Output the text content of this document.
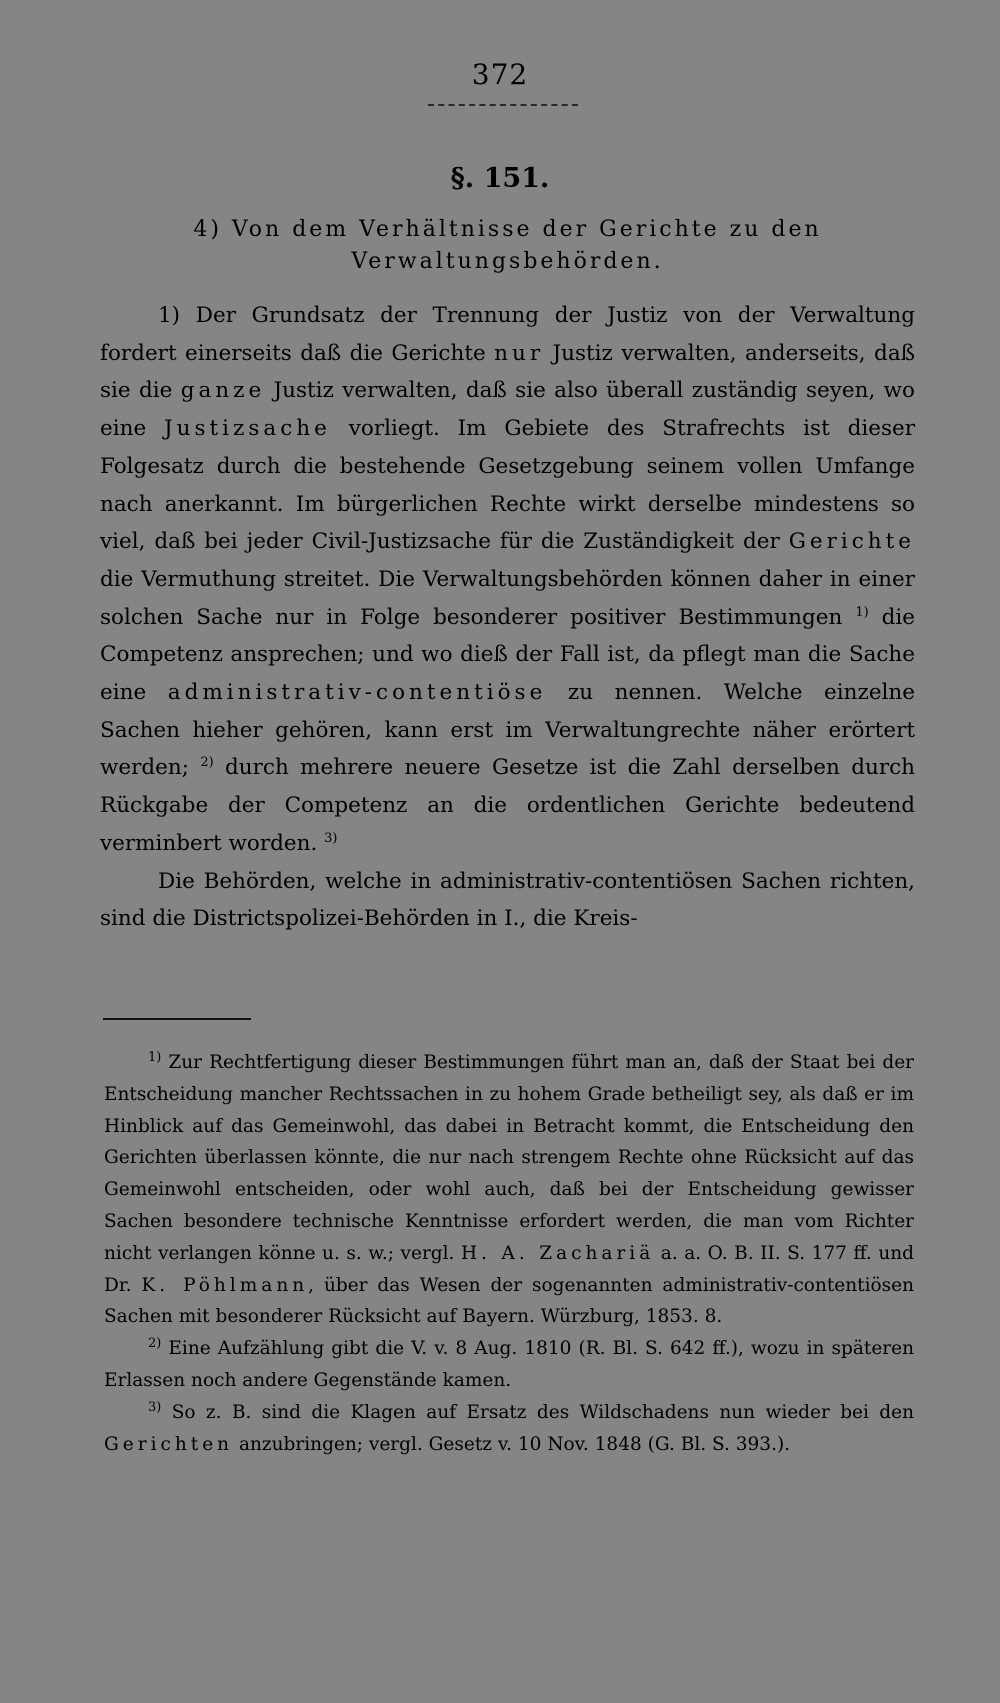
372
§. 151.
4) Von dem Verhältnisse der Gerichte zu den Verwaltungsbehörden.

1) Der Grundsatz der Trennung der Justiz von der Verwaltung fordert einerseits daß die Gerichte nur Justiz verwalten, anderseits, daß sie die ganze Justiz verwalten, daß sie also überall zuständig seyen, wo eine Justizsache vorliegt. Im Gebiete des Strafrechts ist dieser Folgesatz durch die bestehende Gesetzgebung seinem vollen Umfange nach anerkannt. Im bürgerlichen Rechte wirkt derselbe mindestens so viel, daß bei jeder Civil-Justizsache für die Zuständigkeit der Gerichte die Vermuthung streitet. Die Verwaltungsbehörden können daher in einer solchen Sache nur in Folge besonderer positiver Bestimmungen $^{1)}$ die Competenz ansprechen; und wo dieß der Fall ist, da pflegt man die Sache eine administrativ-contentiöse zu nennen. Welche einzelne Sachen hieher gehören, kann erst im Verwaltungrechte näher erörtert werden; $^{2)}$ durch mehrere neuere Gesetze ist die Zahl derselben durch Rückgabe der Competenz an die ordentlichen Gerichte bedeutend verminbert worden. $^{3)}$

Die Behörden, welche in administrativ-contentiösen Sachen richten, sind die Districtspolizei-Behörden in I., die Kreis-

$^{1)}$ Zur Rechtfertigung dieser Bestimmungen führt man an, daß der Staat bei der Entscheidung mancher Rechtssachen in zu hohem Grade betheiligt sey, als daß er im Hinblick auf das Gemeinwohl, das dabei in Betracht kommt, die Entscheidung den Gerichten überlassen könnte, die nur nach strengem Rechte ohne Rücksicht auf das Gemeinwohl entscheiden, oder wohl auch, daß bei der Entscheidung gewisser Sachen besondere technische Kenntnisse erfordert werden, die man vom Richter nicht verlangen könne u. s. w.; vergl. H. A. Zachariä a. a. O. B. II. S. 177 ff. und Dr. K. Pöhlmann, über das Wesen der sogenannten administrativ-contentiösen Sachen mit besonderer Rücksicht auf Bayern. Würzburg, 1853. 8.

$^{2)}$ Eine Aufzählung gibt die V. v. 8 Aug. 1810 (R. Bl. S. 642 ff.), wozu in späteren Erlassen noch andere Gegenstände kamen.

$^{3)}$ So z. B. sind die Klagen auf Ersatz des Wildschadens nun wieder bei den Gerichten anzubringen; vergl. Gesetz v. 10 Nov. 1848 (G. Bl. S. 393.).
